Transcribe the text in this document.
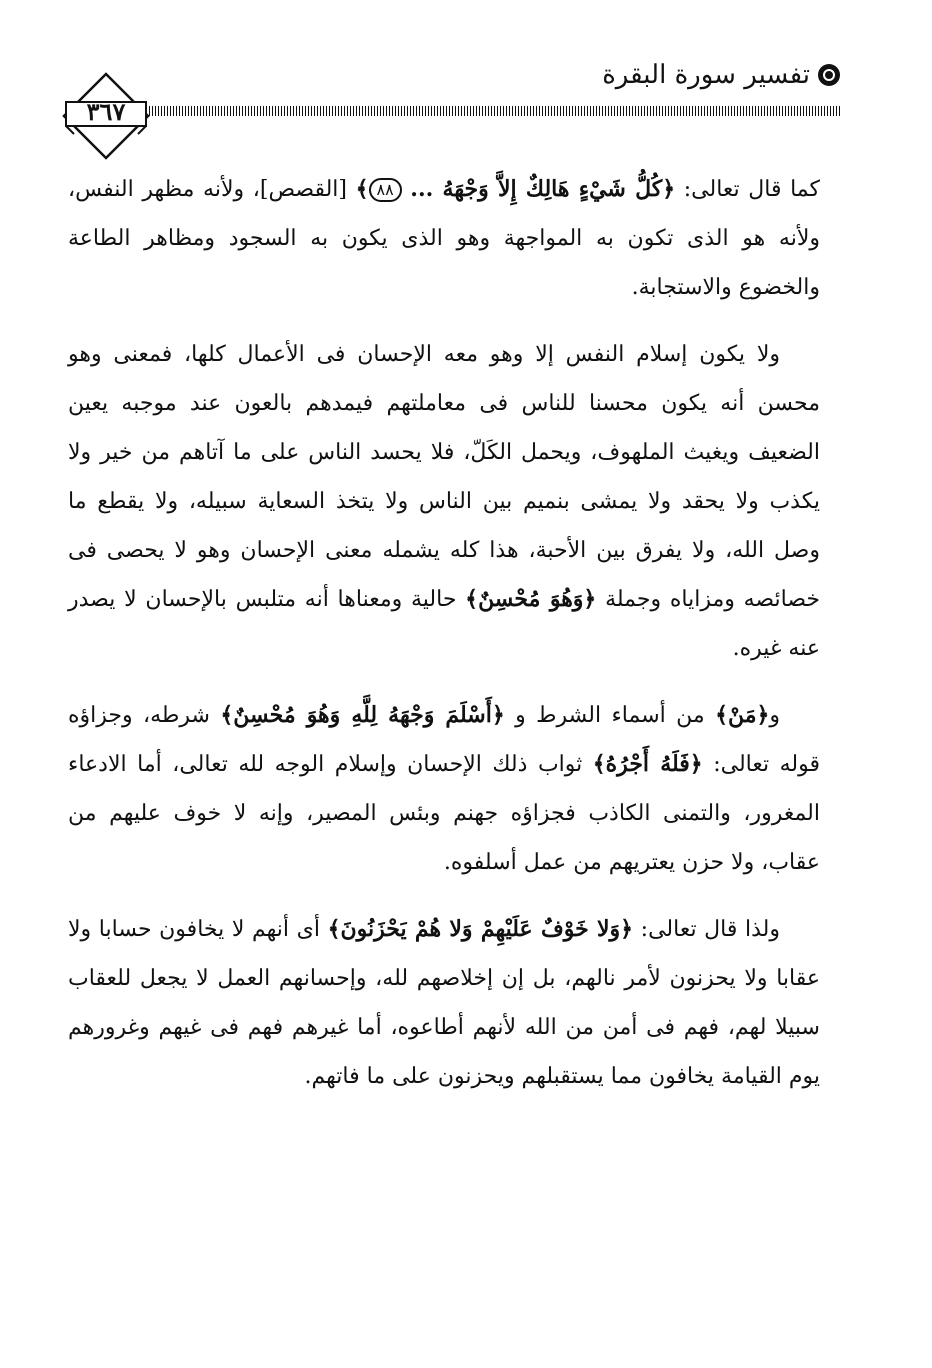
تفسير سورة البقرة
٣٦٧

كما قال تعالى: ﴿كُلُّ شَيْءٍ هَالِكٌ إِلاَّ وَجْهَهُ ... ٨٨﴾ [القصص]، ولأنه مظهر النفس، ولأنه هو الذى تكون به المواجهة وهو الذى يكون به السجود ومظاهر الطاعة والخضوع والاستجابة.

ولا يكون إسلام النفس إلا وهو معه الإحسان فى الأعمال كلها، فمعنى وهو محسن أنه يكون محسنا للناس فى معاملتهم فيمدهم بالعون عند موجبه يعين الضعيف ويغيث الملهوف، ويحمل الكَلّ، فلا يحسد الناس على ما آتاهم من خير ولا يكذب ولا يحقد ولا يمشى بنميم بين الناس ولا يتخذ السعاية سبيله، ولا يقطع ما وصل الله، ولا يفرق بين الأحبة، هذا كله يشمله معنى الإحسان وهو لا يحصى فى خصائصه ومزاياه وجملة ﴿وَهُوَ مُحْسِنٌ﴾ حالية ومعناها أنه متلبس بالإحسان لا يصدر عنه غيره.

و﴿مَنْ﴾ من أسماء الشرط و ﴿أَسْلَمَ وَجْهَهُ لِلَّهِ وَهُوَ مُحْسِنٌ﴾ شرطه، وجزاؤه قوله تعالى: ﴿فَلَهُ أَجْرُهُ﴾ ثواب ذلك الإحسان وإسلام الوجه لله تعالى، أما الادعاء المغرور، والتمنى الكاذب فجزاؤه جهنم وبئس المصير، وإنه لا خوف عليهم من عقاب، ولا حزن يعتريهم من عمل أسلفوه.

ولذا قال تعالى: ﴿وَلا خَوْفٌ عَلَيْهِمْ وَلا هُمْ يَحْزَنُونَ﴾ أى أنهم لا يخافون حسابا ولا عقابا ولا يحزنون لأمر نالهم، بل إن إخلاصهم لله، وإحسانهم العمل لا يجعل للعقاب سبيلا لهم، فهم فى أمن من الله لأنهم أطاعوه، أما غيرهم فهم فى غيهم وغرورهم يوم القيامة يخافون مما يستقبلهم ويحزنون على ما فاتهم.
